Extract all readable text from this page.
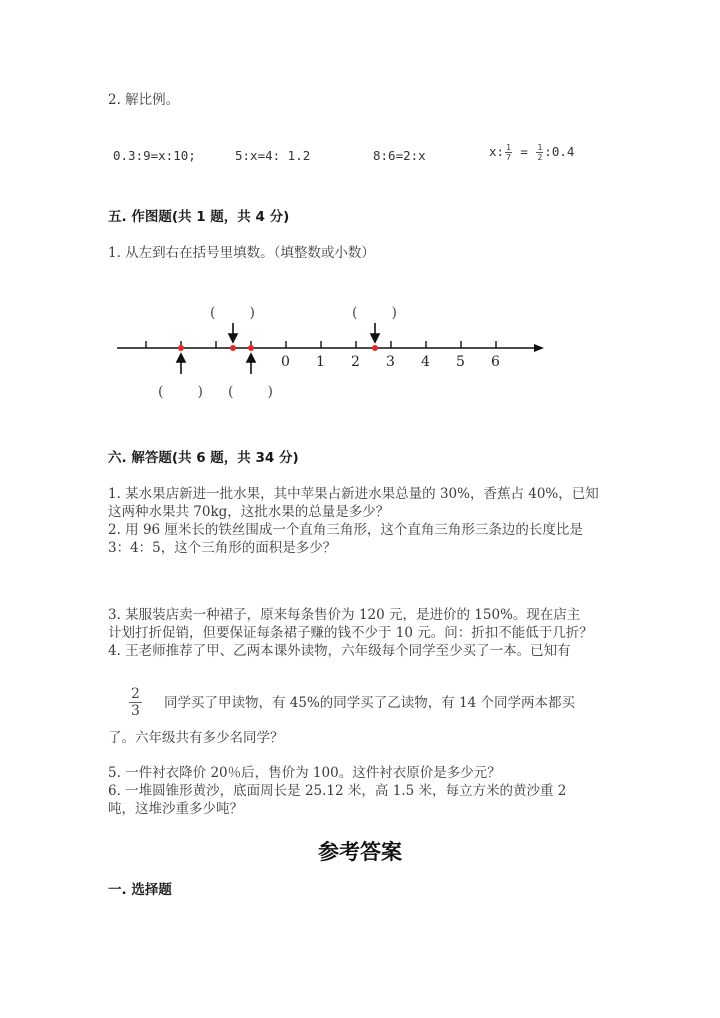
2. 解比例。
0.3:9=x:10;	5:x=4: 1.2	8:6=2:x	x: $\frac{1}{7} = \frac{1}{2}$ :0.4
五. 作图题(共 1 题，共 4 分)
1. 从左到右在括号里填数。（填整数或小数）
0 1 2 3 4 5 6
(　　)	(　　)
(　　) (　　)
六. 解答题(共 6 题，共 34 分)
1. 某水果店新进一批水果，其中苹果占新进水果总量的 30%，香蕉占 40%，已知
这两种水果共 70kg，这批水果的总量是多少？
2. 用 96 厘米长的铁丝围成一个直角三角形，这个直角三角形三条边的长度比是
3：4：5，这个三角形的面积是多少？
3. 某服装店卖一种裙子，原来每条售价为 120 元，是进价的 150%。现在店主
计划打折促销，但要保证每条裙子赚的钱不少于 10 元。问：折扣不能低于几折？
4. 王老师推荐了甲、乙两本课外读物，六年级每个同学至少买了一本。已知有
$\frac{2}{3}$ 同学买了甲读物，有 45%的同学买了乙读物，有 14 个同学两本都买
了。六年级共有多少名同学？
5. 一件衬衣降价 20％后，售价为 100。这件衬衣原价是多少元？
6. 一堆圆锥形黄沙，底面周长是 25.12 米，高 1.5 米，每立方米的黄沙重 2
吨，这堆沙重多少吨？
参考答案
一. 选择题
